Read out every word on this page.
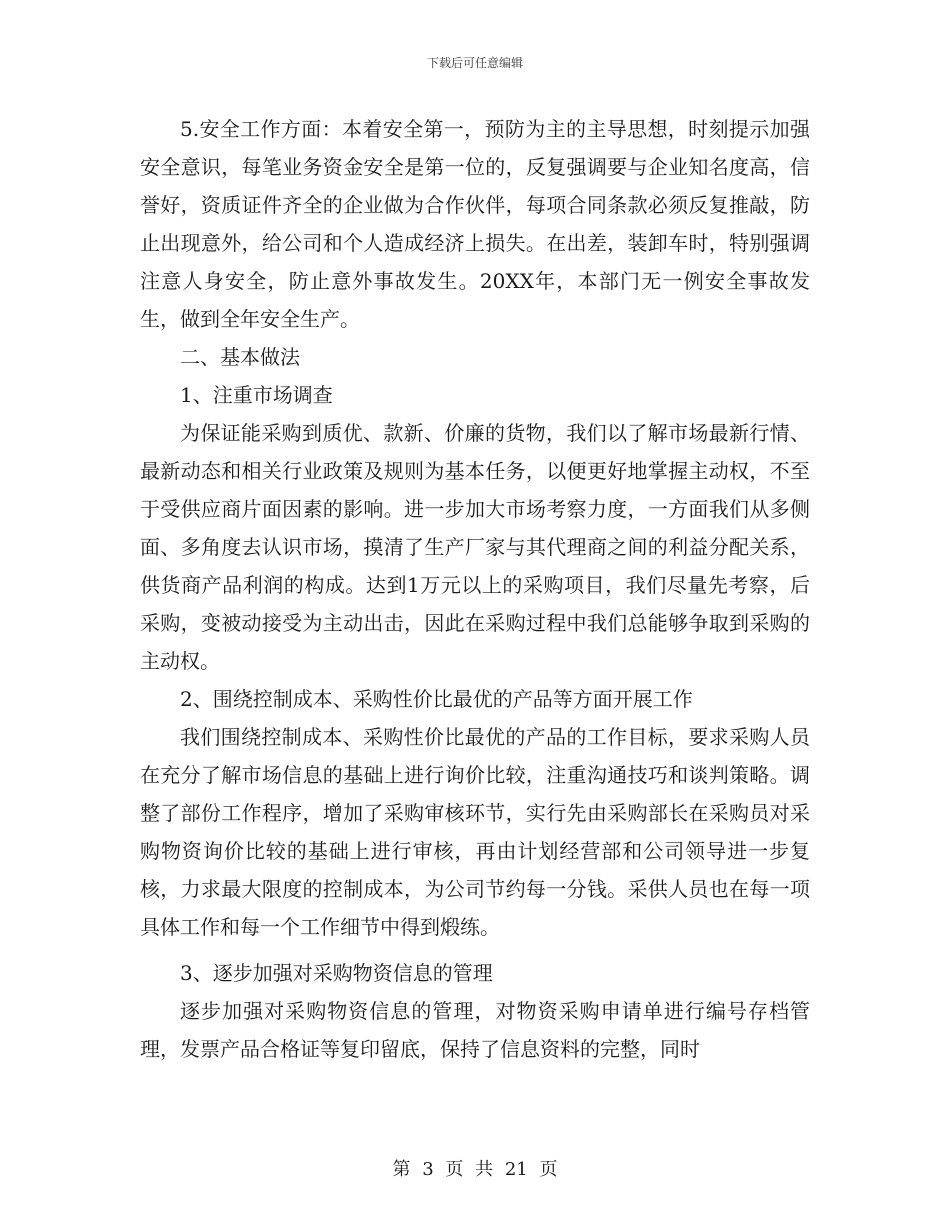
下载后可任意编辑

5.安全工作方面：本着安全第一，预防为主的主导思想，时刻提示加强安全意识，每笔业务资金安全是第一位的，反复强调要与企业知名度高，信誉好，资质证件齐全的企业做为合作伙伴，每项合同条款必须反复推敲，防止出现意外，给公司和个人造成经济上损失。在出差，装卸车时，特别强调注意人身安全，防止意外事故发生。20XX年，本部门无一例安全事故发生，做到全年安全生产。

二、基本做法

1、注重市场调查

为保证能采购到质优、款新、价廉的货物，我们以了解市场最新行情、最新动态和相关行业政策及规则为基本任务，以便更好地掌握主动权，不至于受供应商片面因素的影响。进一步加大市场考察力度，一方面我们从多侧面、多角度去认识市场，摸清了生产厂家与其代理商之间的利益分配关系，供货商产品利润的构成。达到1万元以上的采购项目，我们尽量先考察，后采购，变被动接受为主动出击，因此在采购过程中我们总能够争取到采购的主动权。

2、围绕控制成本、采购性价比最优的产品等方面开展工作

我们围绕控制成本、采购性价比最优的产品的工作目标，要求采购人员在充分了解市场信息的基础上进行询价比较，注重沟通技巧和谈判策略。调整了部份工作程序，增加了采购审核环节，实行先由采购部长在采购员对采购物资询价比较的基础上进行审核，再由计划经营部和公司领导进一步复核，力求最大限度的控制成本，为公司节约每一分钱。采供人员也在每一项具体工作和每一个工作细节中得到煅练。

3、逐步加强对采购物资信息的管理

逐步加强对采购物资信息的管理，对物资采购申请单进行编号存档管理，发票产品合格证等复印留底，保持了信息资料的完整，同时

第 3 页 共 21 页
